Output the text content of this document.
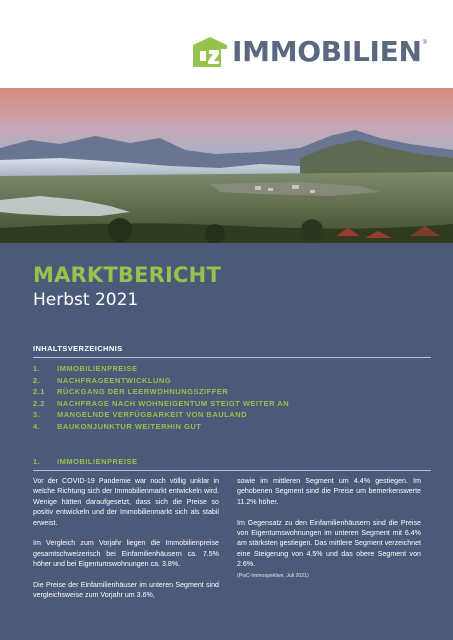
IMMOBILIEN ®
MARKTBERICHT
Herbst 2021
INHALTSVERZEICHNIS
1.	IMMOBILIENPREISE
2.	NACHFRAGEENTWICKLUNG
2.1	RÜCKGANG DER LEERWOHNUNGSZIFFER
2.2	NACHFRAGE NACH WOHNEIGENTUM STEIGT WEITER AN
3.	MANGELNDE VERFÜGBARKEIT VON BAULAND
4.	BAUKONJUNKTUR WEITERHIN GUT
1.	IMMOBILIENPREISE

Vor der COVID-19 Pandemie war noch völlig unklar in welche Richtung sich der Immobilienmarkt entwickeln wird. Wenige hätten daraufgesetzt, dass sich die Preise so positiv entwickeln und der Immobilienmarkt sich als stabil erweist.

Im Vergleich zum Vorjahr liegen die Immobilienpreise gesamtschweizerisch bei Einfamilienhäusern ca. 7.5% höher und bei Eigentumswohnungen ca. 3.8%.

Die Preise der Einfamilienhäuser im unteren Segment sind vergleichsweise zum Vorjahr um 3.6%,

sowie im mittleren Segment um 4.4% gestiegen. Im gehobenen Segment sind die Preise um bemerkenswerte 11.2% höher.

Im Gegensatz zu den Einfamilienhäusern sind die Preise von Eigentumswohnungen im unteren Segment mit 6.4% am stärksten gestiegen. Das mittlere Segment verzeichnet eine Steigerung von 4.5% und das obere Segment von 2.6%.

(PwC-Immospektive, Juli 2021)
